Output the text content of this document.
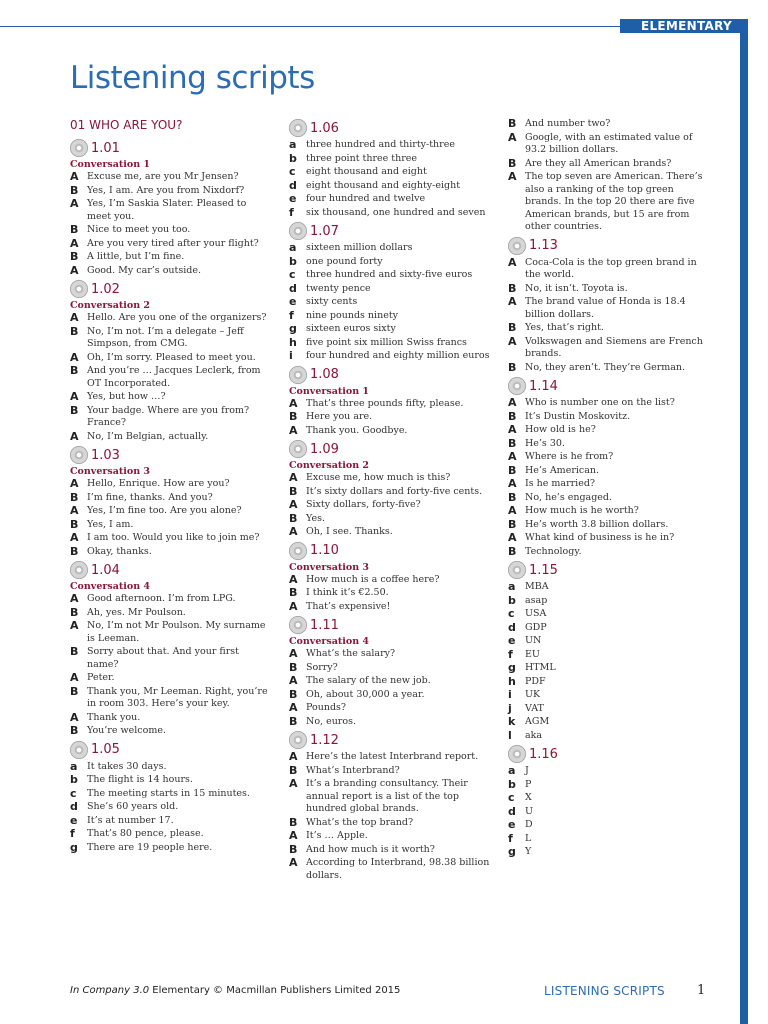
ELEMENTARY
Listening scripts
01 WHO ARE YOU?
1.01
Conversation 1
A Excuse me, are you Mr Jensen?
B Yes, I am. Are you from Nixdorf?
A Yes, I’m Saskia Slater. Pleased to meet you.
B Nice to meet you too.
A Are you very tired after your flight?
B A little, but I’m fine.
A Good. My car’s outside.
1.02
Conversation 2
A Hello. Are you one of the organizers?
B No, I’m not. I’m a delegate – Jeff Simpson, from CMG.
A Oh, I’m sorry. Pleased to meet you.
B And you’re … Jacques Leclerk, from OT Incorporated.
A Yes, but how …?
B Your badge. Where are you from? France?
A No, I’m Belgian, actually.
1.03
Conversation 3
A Hello, Enrique. How are you?
B I’m fine, thanks. And you?
A Yes, I’m fine too. Are you alone?
B Yes, I am.
A I am too. Would you like to join me?
B Okay, thanks.
1.04
Conversation 4
A Good afternoon. I’m from LPG.
B Ah, yes. Mr Poulson.
A No, I’m not Mr Poulson. My surname is Leeman.
B Sorry about that. And your first name?
A Peter.
B Thank you, Mr Leeman. Right, you’re in room 303. Here’s your key.
A Thank you.
B You’re welcome.
1.05
a	It takes 30 days.
b The flight is 14 hours.
c	The meeting starts in 15 minutes.
d She’s 60 years old.
e	It’s at number 17.
f	That’s 80 pence, please.
g There are 19 people here.
1.06
a	three hundred and thirty-three
b three point three three
c	eight thousand and eight
d eight thousand and eighty-eight
e	four hundred and twelve
f	six thousand, one hundred and seven
1.07
a	sixteen million dollars
b one pound forty
c	three hundred and sixty-five euros
d twenty pence
e	sixty cents
f	nine pounds ninety
g sixteen euros sixty
h five point six million Swiss francs
i	four hundred and eighty million euros
1.08
Conversation 1
A That’s three pounds fifty, please.
B Here you are.
A Thank you. Goodbye.
1.09
Conversation 2
A Excuse me, how much is this?
B It’s sixty dollars and forty-five cents.
A Sixty dollars, forty-five?
B Yes.
A Oh, I see. Thanks.
1.10
Conversation 3
A How much is a coffee here?
B I think it’s €2.50.
A That’s expensive!
1.11
Conversation 4
A What’s the salary?
B Sorry?
A The salary of the new job.
B Oh, about 30,000 a year.
A Pounds?
B No, euros.
1.12
A Here’s the latest Interbrand report.
B What’s Interbrand?
A It’s a branding consultancy. Their annual report is a list of the top hundred global brands.
B What’s the top brand?
A It’s … Apple.
B And how much is it worth?
A According to Interbrand, 98.38 billion dollars.
B And number two?
A Google, with an estimated value of 93.2 billion dollars.
B Are they all American brands?
A The top seven are American. There’s also a ranking of the top green brands. In the top 20 there are five American brands, but 15 are from other countries.
1.13
A Coca-Cola is the top green brand in the world.
B No, it isn’t. Toyota is.
A The brand value of Honda is 18.4 billion dollars.
B Yes, that’s right.
A Volkswagen and Siemens are French brands.
B No, they aren’t. They’re German.
1.14
A Who is number one on the list?
B It’s Dustin Moskovitz.
A How old is he?
B He’s 30.
A Where is he from?
B He’s American.
A Is he married?
B No, he’s engaged.
A How much is he worth?
B He’s worth 3.8 billion dollars.
A What kind of business is he in?
B Technology.
1.15
a	MBA
b asap
c	USA
d GDP
e	UN
f	EU
g HTML
h PDF
i	UK
j	VAT
k	AGM
l	aka
1.16
a	J
b P
c	X
d U
e	D
f	L
g Y
In Company 3.0 Elementary © Macmillan Publishers Limited 2015	LISTENING SCRIPTS 1
